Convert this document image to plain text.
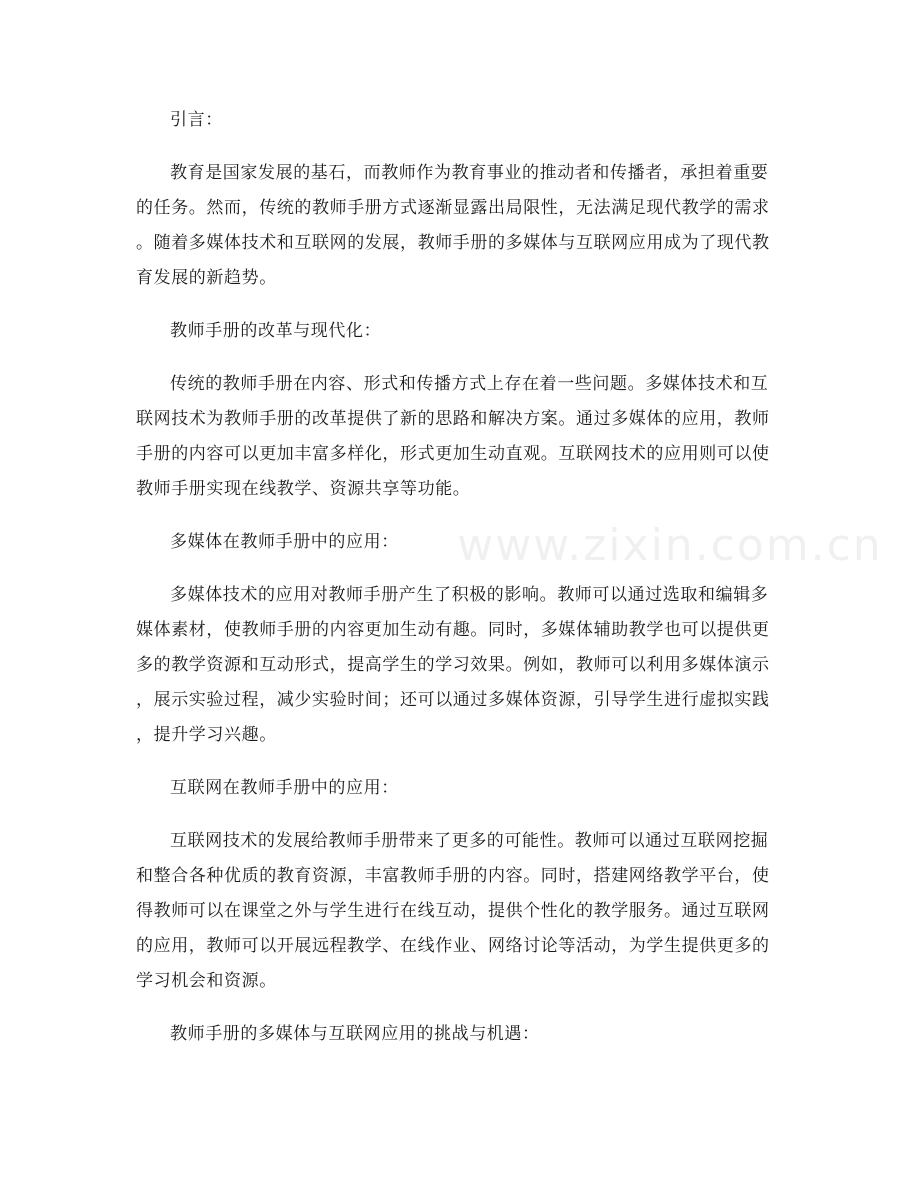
www.zixin.com.cn
引言：
教育是国家发展的基石，而教师作为教育事业的推动者和传播者，承担着重要
的任务。然而，传统的教师手册方式逐渐显露出局限性，无法满足现代教学的需求
。随着多媒体技术和互联网的发展，教师手册的多媒体与互联网应用成为了现代教
育发展的新趋势。
教师手册的改革与现代化：
传统的教师手册在内容、形式和传播方式上存在着一些问题。多媒体技术和互
联网技术为教师手册的改革提供了新的思路和解决方案。通过多媒体的应用，教师
手册的内容可以更加丰富多样化，形式更加生动直观。互联网技术的应用则可以使
教师手册实现在线教学、资源共享等功能。
多媒体在教师手册中的应用：
多媒体技术的应用对教师手册产生了积极的影响。教师可以通过选取和编辑多
媒体素材，使教师手册的内容更加生动有趣。同时，多媒体辅助教学也可以提供更
多的教学资源和互动形式，提高学生的学习效果。例如，教师可以利用多媒体演示
，展示实验过程，减少实验时间；还可以通过多媒体资源，引导学生进行虚拟实践
，提升学习兴趣。
互联网在教师手册中的应用：
互联网技术的发展给教师手册带来了更多的可能性。教师可以通过互联网挖掘
和整合各种优质的教育资源，丰富教师手册的内容。同时，搭建网络教学平台，使
得教师可以在课堂之外与学生进行在线互动，提供个性化的教学服务。通过互联网
的应用，教师可以开展远程教学、在线作业、网络讨论等活动，为学生提供更多的
学习机会和资源。
教师手册的多媒体与互联网应用的挑战与机遇：
